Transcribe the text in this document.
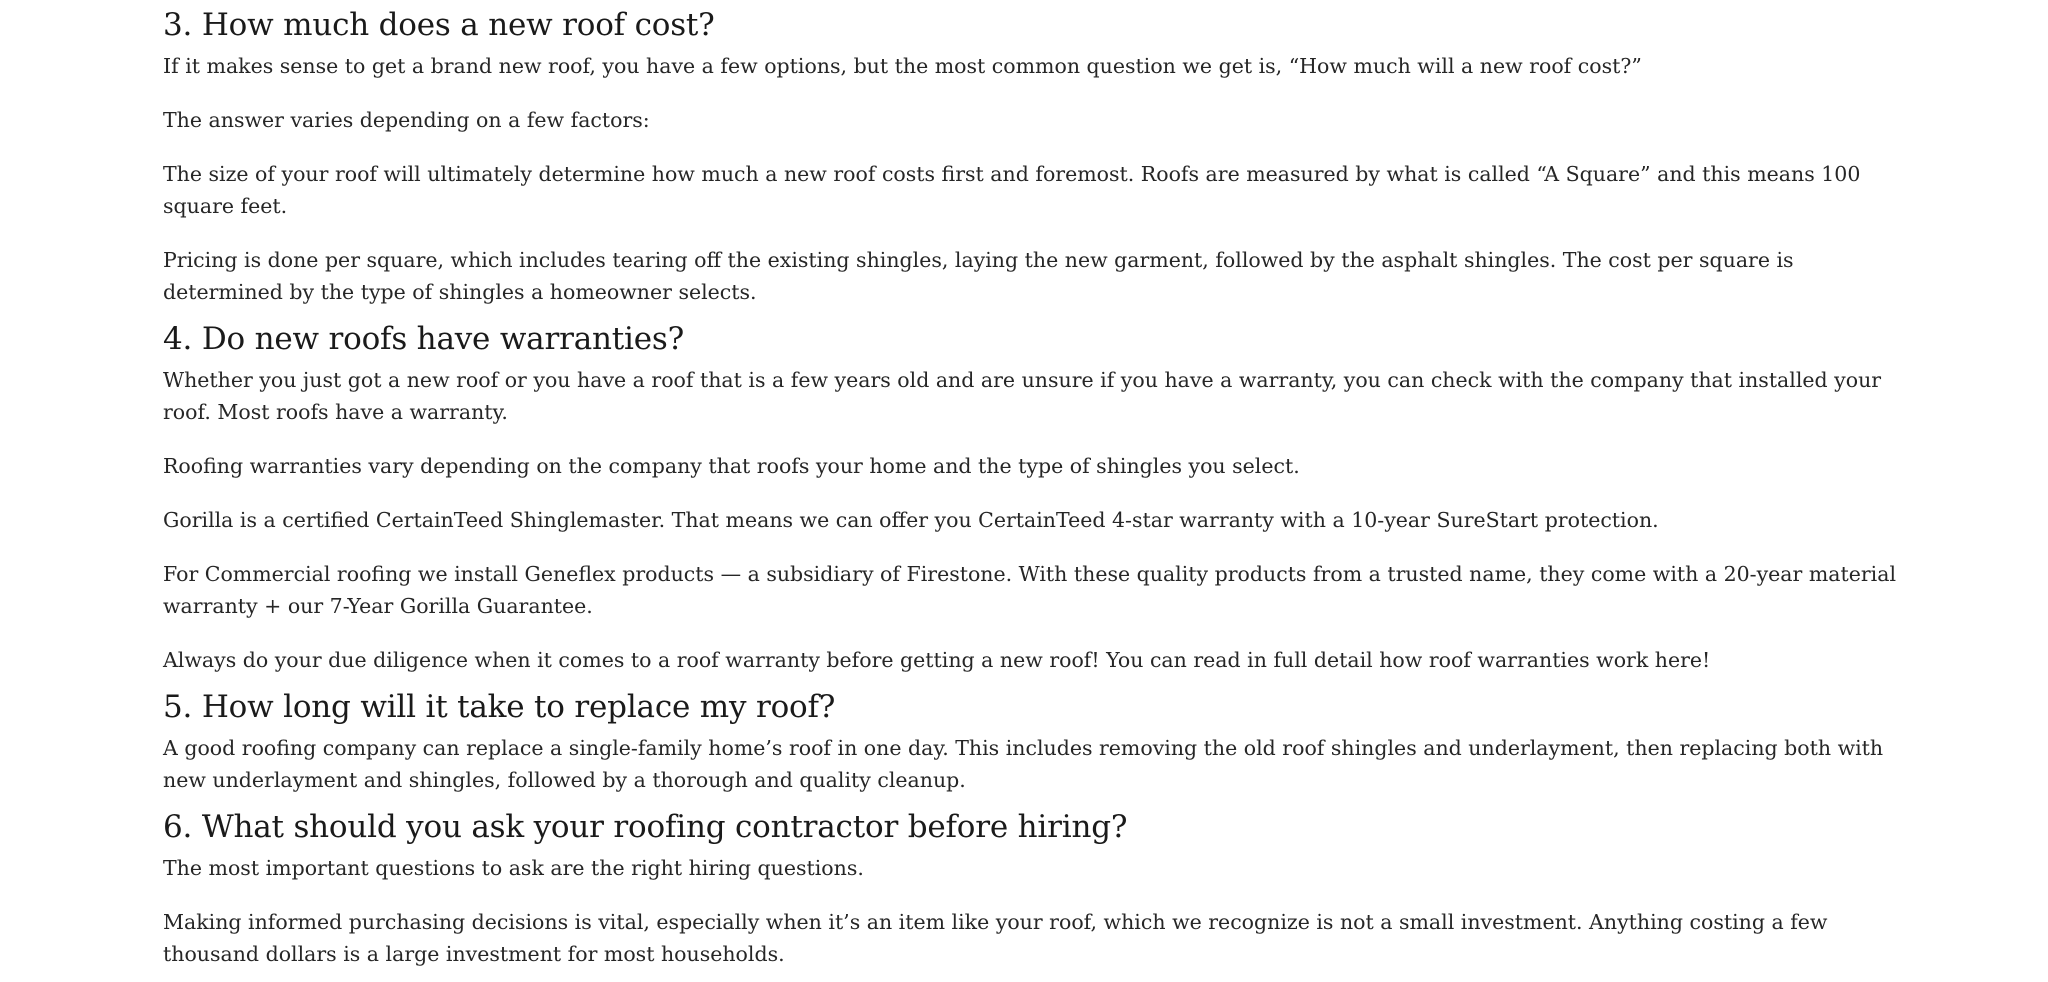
3. How much does a new roof cost?

If it makes sense to get a brand new roof, you have a few options, but the most common question we get is, “How much will a new roof cost?”

The answer varies depending on a few factors:

The size of your roof will ultimately determine how much a new roof costs first and foremost. Roofs are measured by what is called “A Square” and this means 100 square feet.

Pricing is done per square, which includes tearing off the existing shingles, laying the new garment, followed by the asphalt shingles. The cost per square is determined by the type of shingles a homeowner selects.

4. Do new roofs have warranties?

Whether you just got a new roof or you have a roof that is a few years old and are unsure if you have a warranty, you can check with the company that installed your roof. Most roofs have a warranty.

Roofing warranties vary depending on the company that roofs your home and the type of shingles you select.

Gorilla is a certified CertainTeed Shinglemaster. That means we can offer you CertainTeed 4-star warranty with a 10-year SureStart protection.

For Commercial roofing we install Geneflex products — a subsidiary of Firestone. With these quality products from a trusted name, they come with a 20-year material warranty + our 7-Year Gorilla Guarantee.

Always do your due diligence when it comes to a roof warranty before getting a new roof! You can read in full detail how roof warranties work here!

5. How long will it take to replace my roof?

A good roofing company can replace a single-family home’s roof in one day. This includes removing the old roof shingles and underlayment, then replacing both with new underlayment and shingles, followed by a thorough and quality cleanup.

6. What should you ask your roofing contractor before hiring?

The most important questions to ask are the right hiring questions.

Making informed purchasing decisions is vital, especially when it’s an item like your roof, which we recognize is not a small investment. Anything costing a few thousand dollars is a large investment for most households.
